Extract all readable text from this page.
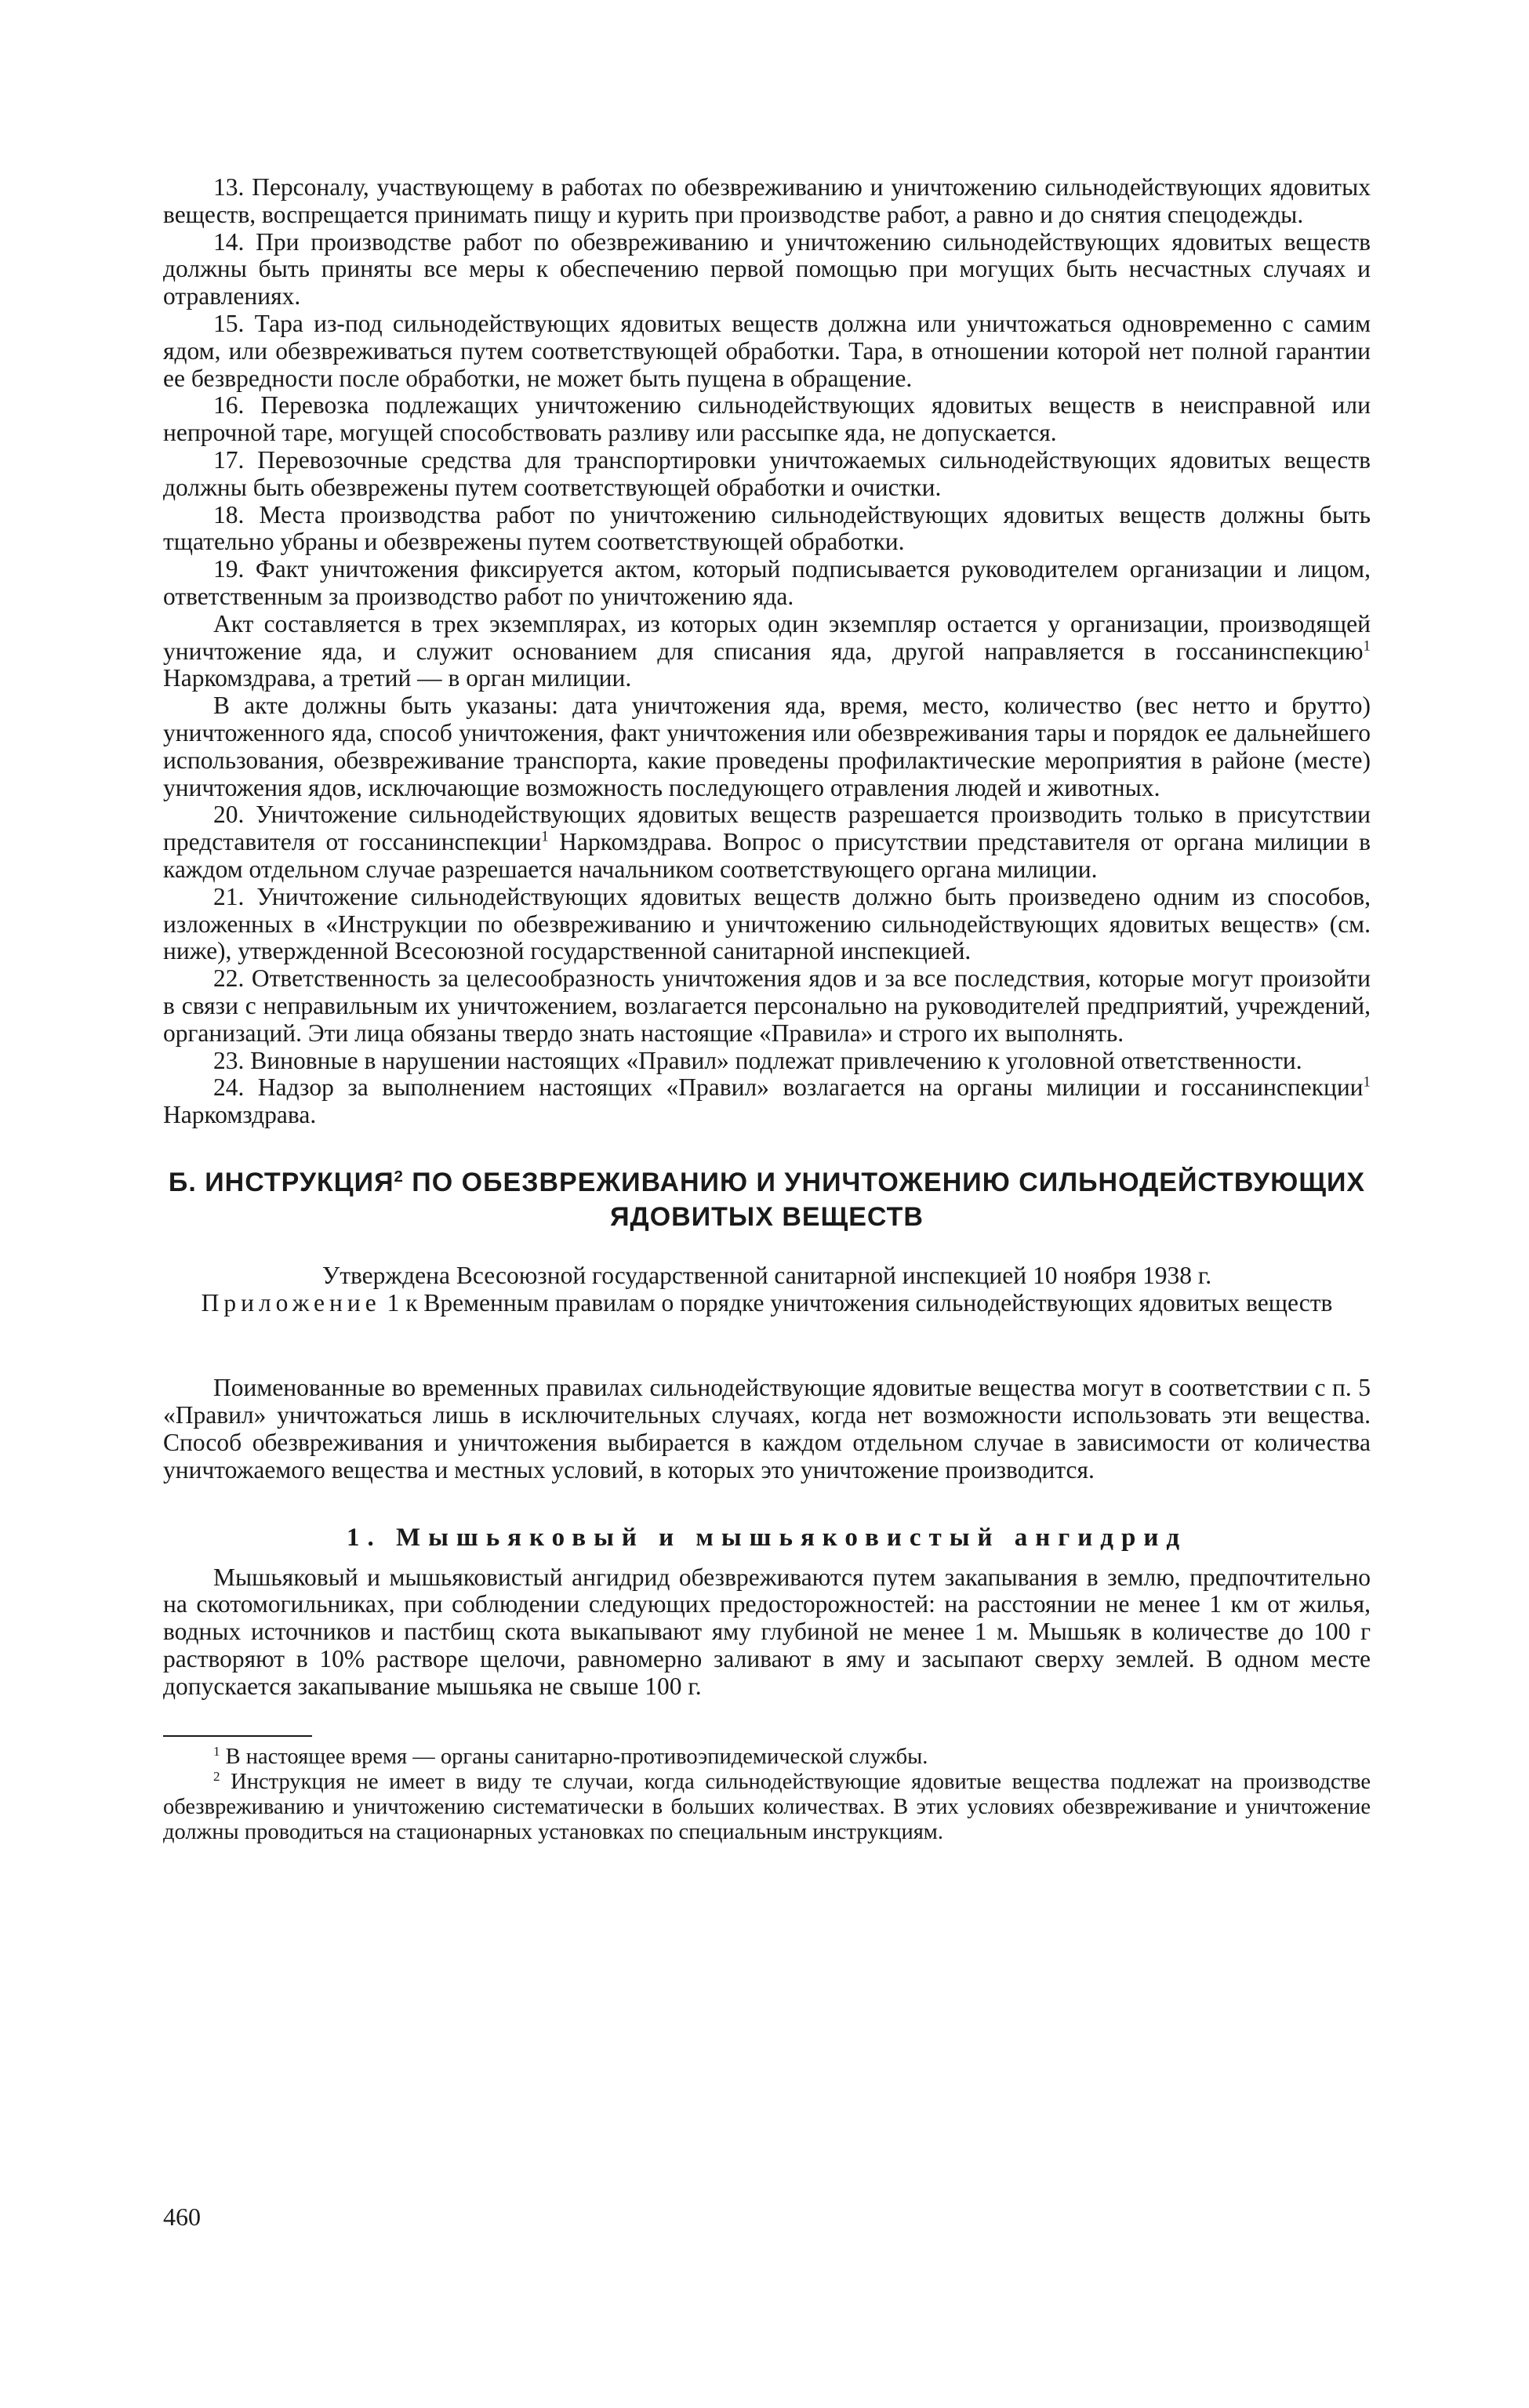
13. Персоналу, участвующему в работах по обезвреживанию и уничтожению сильнодействующих ядовитых веществ, воспрещается принимать пищу и курить при производстве работ, а равно и до снятия спецодежды.

14. При производстве работ по обезвреживанию и уничтожению сильнодействующих ядовитых веществ должны быть приняты все меры к обеспечению первой помощью при могущих быть несчастных случаях и отравлениях.

15. Тара из-под сильнодействующих ядовитых веществ должна или уничтожаться одновременно с самим ядом, или обезвреживаться путем соответствующей обработки. Тара, в отношении которой нет полной гарантии ее безвредности после обработки, не может быть пущена в обращение.

16. Перевозка подлежащих уничтожению сильнодействующих ядовитых веществ в неисправной или непрочной таре, могущей способствовать разливу или рассыпке яда, не допускается.

17. Перевозочные средства для транспортировки уничтожаемых сильнодействующих ядовитых веществ должны быть обезврежены путем соответствующей обработки и очистки.

18. Места производства работ по уничтожению сильнодействующих ядовитых веществ должны быть тщательно убраны и обезврежены путем соответствующей обработки.

19. Факт уничтожения фиксируется актом, который подписывается руководителем организации и лицом, ответственным за производство работ по уничтожению яда.

Акт составляется в трех экземплярах, из которых один экземпляр остается у организации, производящей уничтожение яда, и служит основанием для списания яда, другой направляется в госсанинспекцию$^1$ Наркомздрава, а третий — в орган милиции.

В акте должны быть указаны: дата уничтожения яда, время, место, количество (вес нетто и брутто) уничтоженного яда, способ уничтожения, факт уничтожения или обезвреживания тары и порядок ее дальнейшего использования, обезвреживание транспорта, какие проведены профилактические мероприятия в районе (месте) уничтожения ядов, исключающие возможность последующего отравления людей и животных.

20. Уничтожение сильнодействующих ядовитых веществ разрешается производить только в присутствии представителя от госсанинспекции$^1$ Наркомздрава. Вопрос о присутствии представителя от органа милиции в каждом отдельном случае разрешается начальником соответствующего органа милиции.

21. Уничтожение сильнодействующих ядовитых веществ должно быть произведено одним из способов, изложенных в «Инструкции по обезвреживанию и уничтожению сильнодействующих ядовитых веществ» (см. ниже), утвержденной Всесоюзной государственной санитарной инспекцией.

22. Ответственность за целесообразность уничтожения ядов и за все последствия, которые могут произойти в связи с неправильным их уничтожением, возлагается персонально на руководителей предприятий, учреждений, организаций. Эти лица обязаны твердо знать настоящие «Правила» и строго их выполнять.

23. Виновные в нарушении настоящих «Правил» подлежат привлечению к уголовной ответственности.

24. Надзор за выполнением настоящих «Правил» возлагается на органы милиции и госсанинспекции$^1$ Наркомздрава.

Б. ИНСТРУКЦИЯ$^2$ ПО ОБЕЗВРЕЖИВАНИЮ И УНИЧТОЖЕНИЮ СИЛЬНОДЕЙСТВУЮЩИХ ЯДОВИТЫХ ВЕЩЕСТВ

Утверждена Всесоюзной государственной санитарной инспекцией 10 ноября 1938 г.
Приложение 1 к Временным правилам о порядке уничтожения сильнодействующих ядовитых веществ

Поименованные во временных правилах сильнодействующие ядовитые вещества могут в соответствии с п. 5 «Правил» уничтожаться лишь в исключительных случаях, когда нет возможности использовать эти вещества. Способ обезвреживания и уничтожения выбирается в каждом отдельном случае в зависимости от количества уничтожаемого вещества и местных условий, в которых это уничтожение производится.

1. Мышьяковый и мышьяковистый ангидрид

Мышьяковый и мышьяковистый ангидрид обезвреживаются путем закапывания в землю, предпочтительно на скотомогильниках, при соблюдении следующих предосторожностей: на расстоянии не менее 1 км от жилья, водных источников и пастбищ скота выкапывают яму глубиной не менее 1 м. Мышьяк в количестве до 100 г растворяют в 10% растворе щелочи, равномерно заливают в яму и засыпают сверху землей. В одном месте допускается закапывание мышьяка не свыше 100 г.

$^1$ В настоящее время — органы санитарно-противоэпидемической службы.

$^2$ Инструкция не имеет в виду те случаи, когда сильнодействующие ядовитые вещества подлежат на производстве обезвреживанию и уничтожению систематически в больших количествах. В этих условиях обезвреживание и уничтожение должны проводиться на стационарных установках по специальным инструкциям.

460
